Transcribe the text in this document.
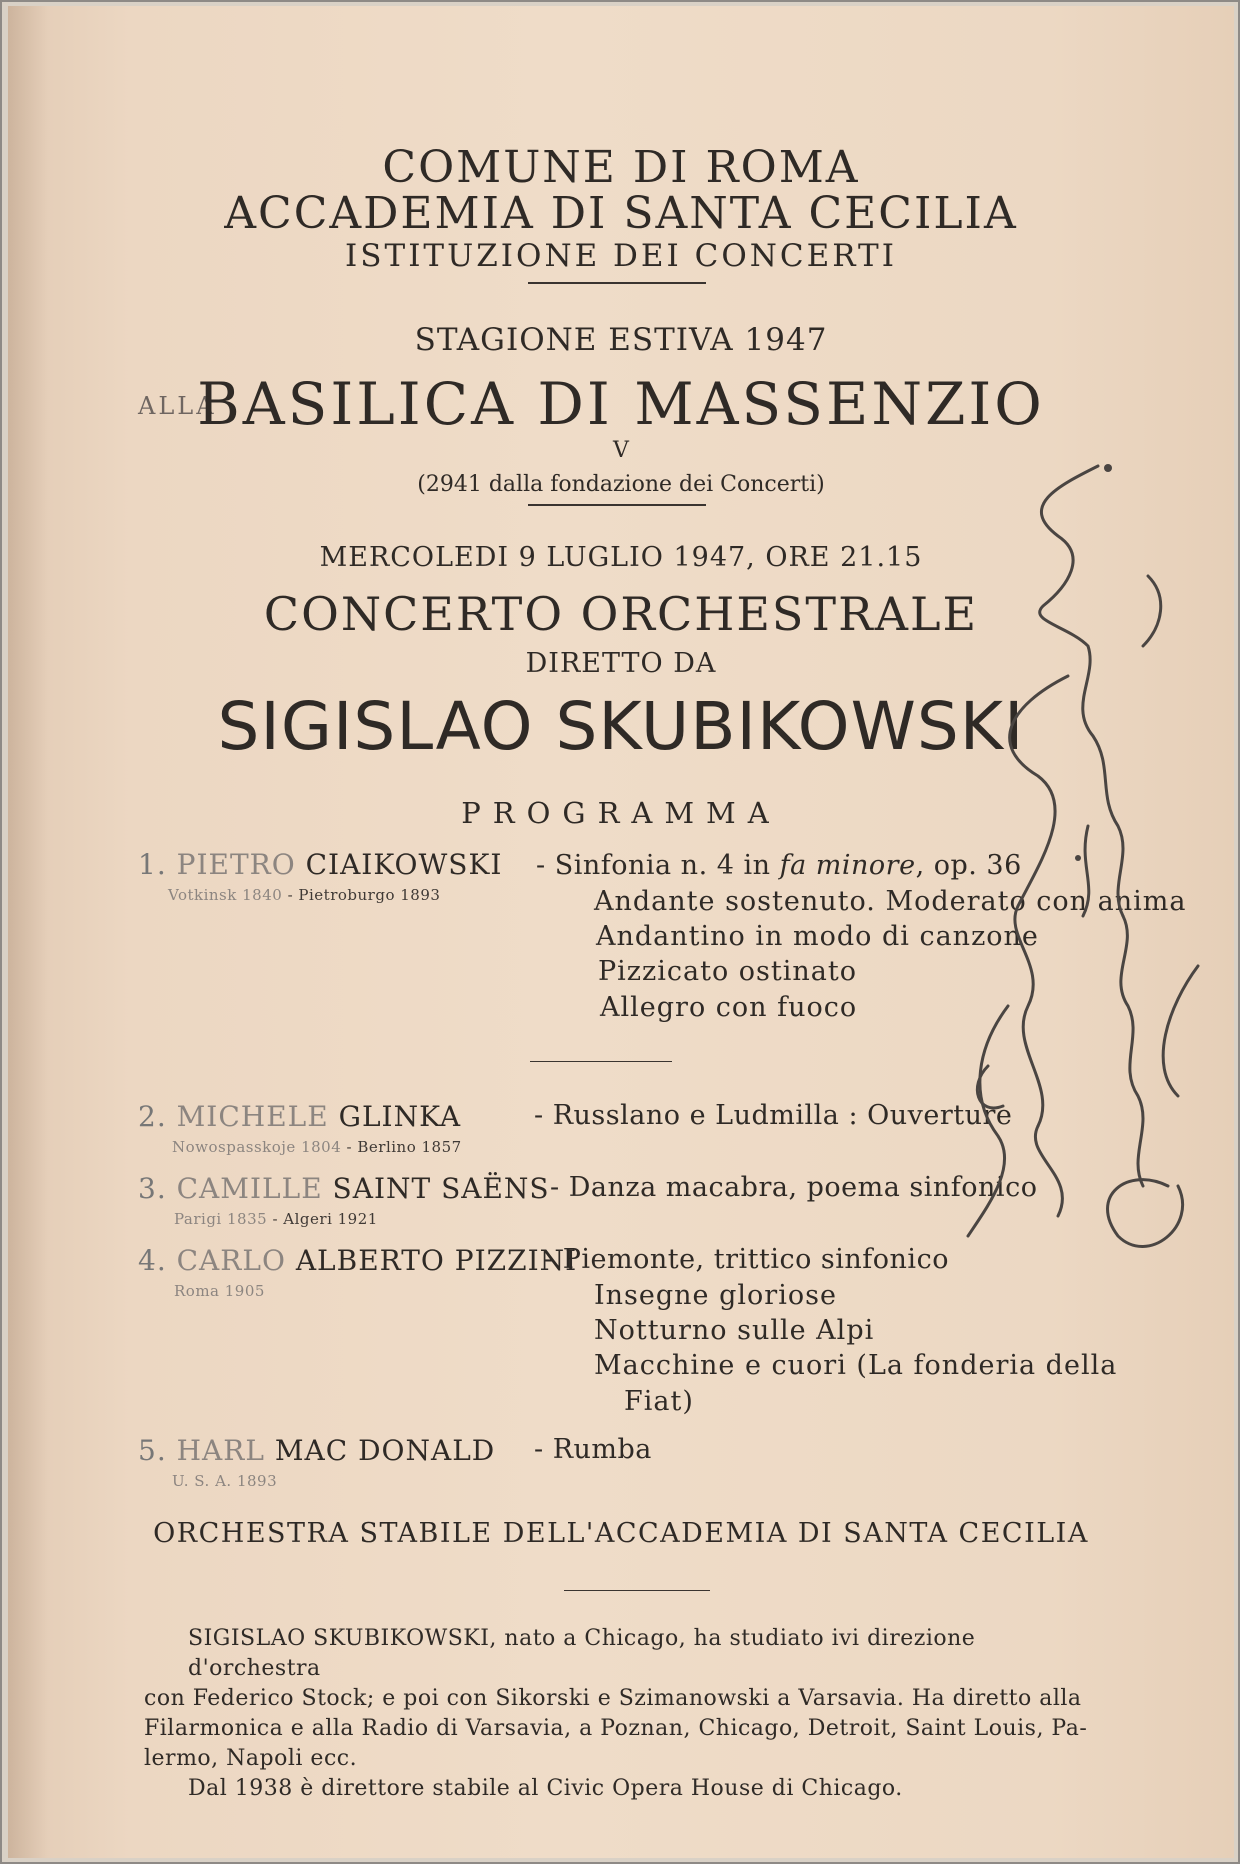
COMUNE DI ROMA
ACCADEMIA DI SANTA CECILIA
ISTITUZIONE DEI CONCERTI
STAGIONE ESTIVA 1947
ALLA
BASILICA DI MASSENZIO
V
(2941 dalla fondazione dei Concerti)
MERCOLEDI 9 LUGLIO 1947, ORE 21.15
CONCERTO ORCHESTRALE
DIRETTO DA
SIGISLAO SKUBIKOWSKI
PROGRAMMA
1. PIETRO CIAIKOWSKI
Votkinsk 1840 - Pietroburgo 1893
- Sinfonia n. 4 in fa minore, op. 36
Andante sostenuto. Moderato con anima
Andantino in modo di canzone
Pizzicato ostinato
Allegro con fuoco
2. MICHELE GLINKA
Nowospasskoje 1804 - Berlino 1857
- Russlano e Ludmilla : Ouverture
3. CAMILLE SAINT SAËNS
Parigi 1835 - Algeri 1921
- Danza macabra, poema sinfonico
4. CARLO ALBERTO PIZZINI
Roma 1905
- Piemonte, trittico sinfonico
Insegne gloriose
Notturno sulle Alpi
Macchine e cuori (La fonderia della
Fiat)
5. HARL MAC DONALD
U. S. A. 1893
- Rumba
ORCHESTRA STABILE DELL'ACCADEMIA DI SANTA CECILIA
SIGISLAO SKUBIKOWSKI, nato a Chicago, ha studiato ivi direzione d'orchestra
con Federico Stock; e poi con Sikorski e Szimanowski a Varsavia. Ha diretto alla
Filarmonica e alla Radio di Varsavia, a Poznan, Chicago, Detroit, Saint Louis, Pa-
lermo, Napoli ecc.
Dal 1938 è direttore stabile al Civic Opera House di Chicago.
